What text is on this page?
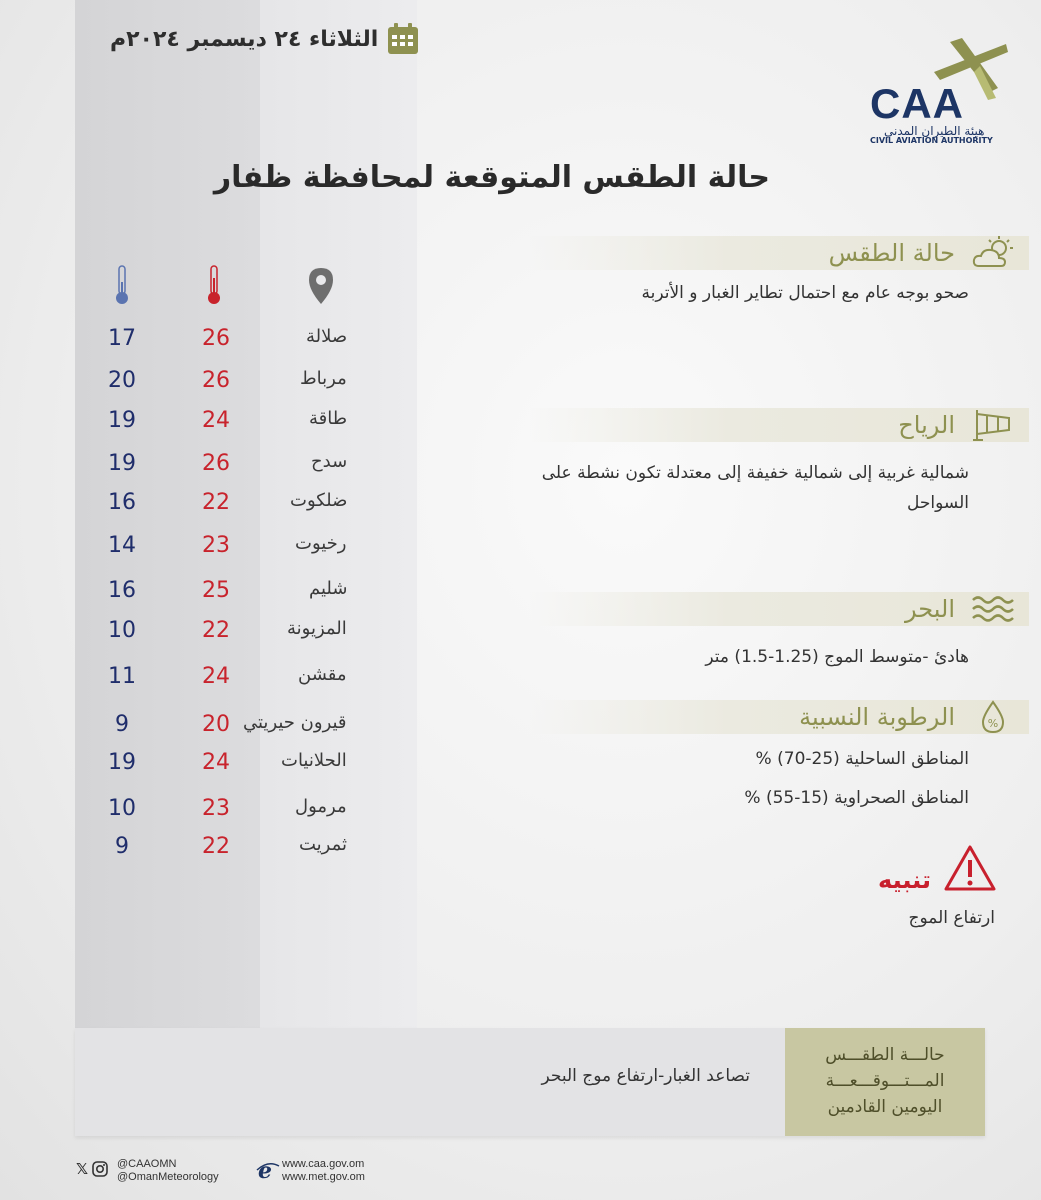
الثلاثاء ٢٤ ديسمبر ٢٠٢٤م
CAA
هيئة الطيران المدني
CIVIL AVIATION AUTHORITY
حالة الطقس المتوقعة لمحافظة ظفار
حالة الطقس
صحو بوجه عام مع احتمال تطاير الغبار و الأتربة
الرياح
شمالية غربية إلى شمالية خفيفة إلى معتدلة تكون نشطة على
السواحل
البحر
هادئ -متوسط الموج (1.25-1.5) متر
%
الرطوبة النسبية
المناطق الساحلية (25-70) %
المناطق الصحراوية (15-55) %
تنبيه
ارتفاع الموج
صلالة
26
17
مرباط
26
20
طاقة
24
19
سدح
26
19
ضلكوت
22
16
رخيوت
23
14
شليم
25
16
المزيونة
22
10
مقشن
24
11
قيرون حيريتي
20
9
الحلانيات
24
19
مرمول
23
10
ثمريت
22
9
تصاعد الغبار-ارتفاع موج البحر
حالـــة الطقـــس
المـــتـــوقـــعـــة
اليومين القادمين
𝕏	@CAAOMN
@OmanMeteorology e www.caa.gov.om
www.met.gov.om
